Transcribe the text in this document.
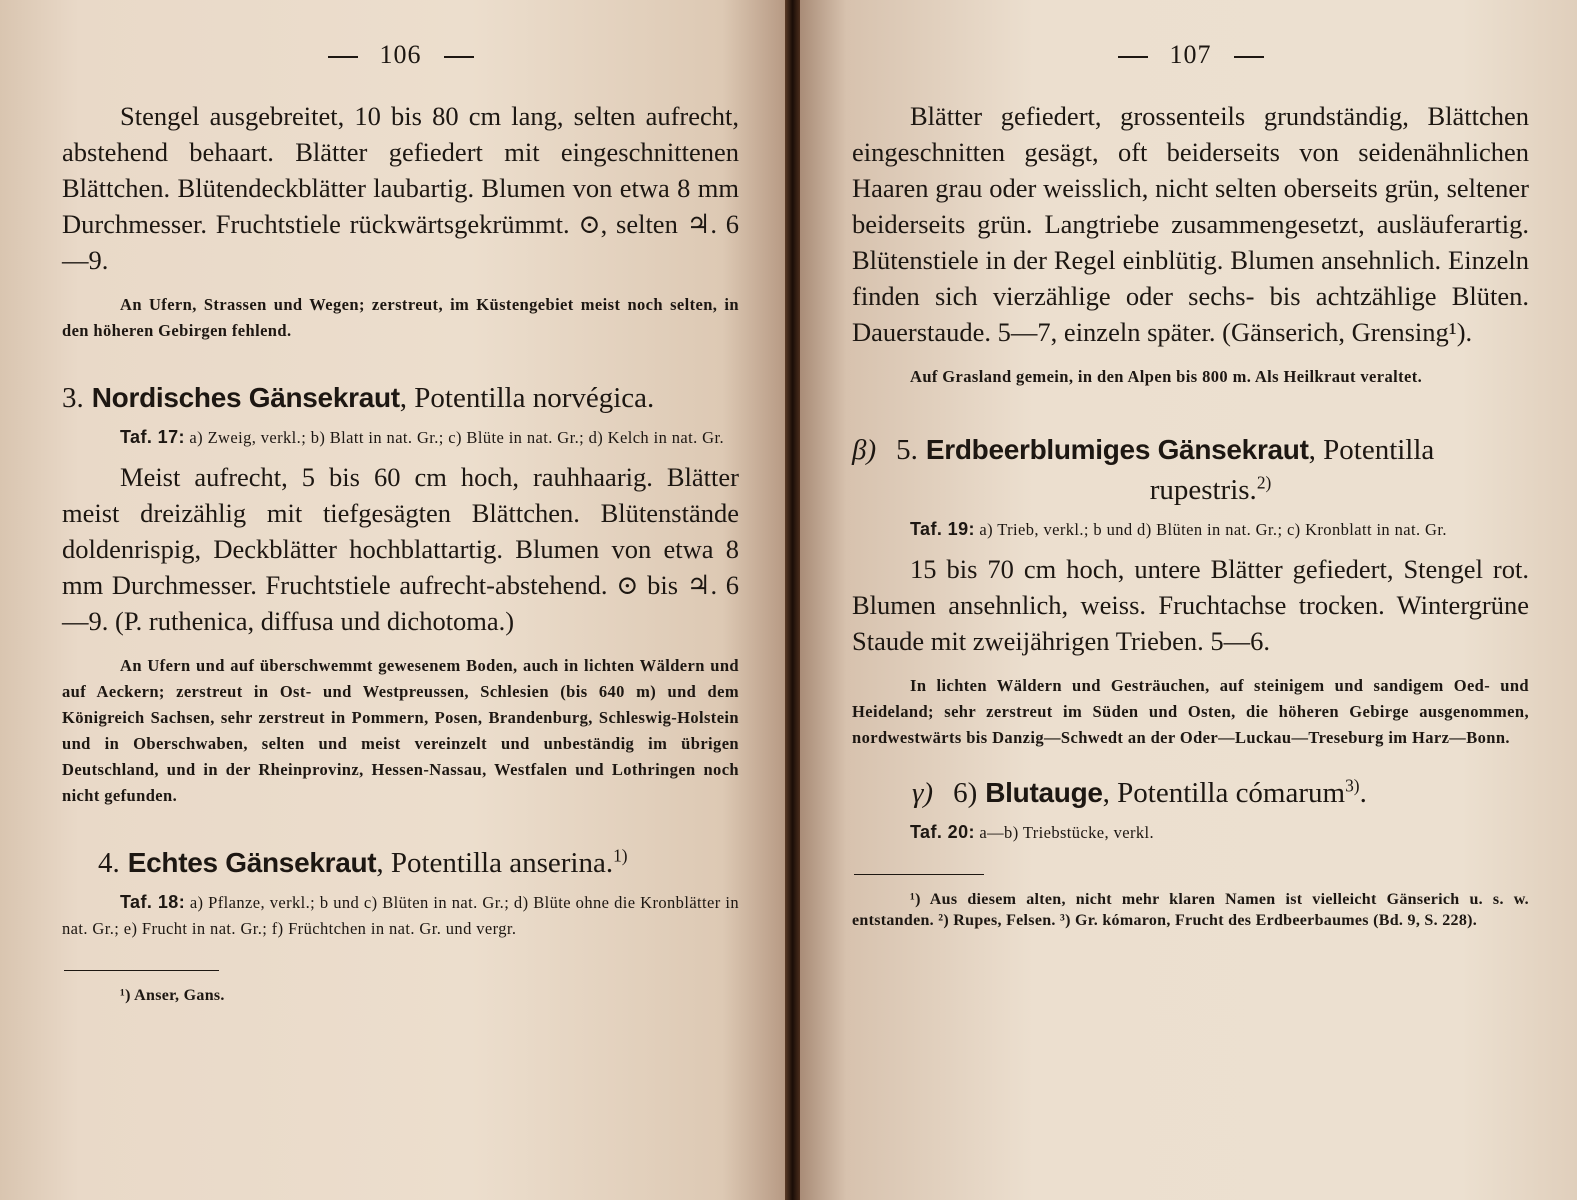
106

Stengel ausgebreitet, 10 bis 80 cm lang, selten aufrecht, abstehend behaart. Blätter gefiedert mit eingeschnittenen Blättchen. Blütendeckblätter laubartig. Blumen von etwa 8 mm Durchmesser. Fruchtstiele rückwärtsgekrümmt. ⊙, selten ♃. 6—9.

An Ufern, Strassen und Wegen; zerstreut, im Küstengebiet meist noch selten, in den höheren Gebirgen fehlend.

3. Nordisches Gänsekraut, Potentilla norvégica.

Taf. 17: a) Zweig, verkl.; b) Blatt in nat. Gr.; c) Blüte in nat. Gr.; d) Kelch in nat. Gr.

Meist aufrecht, 5 bis 60 cm hoch, rauhhaarig. Blätter meist dreizählig mit tiefgesägten Blättchen. Blütenstände doldenrispig, Deckblätter hochblattartig. Blumen von etwa 8 mm Durchmesser. Fruchtstiele aufrecht-abstehend. ⊙ bis ♃. 6—9. (P. ruthenica, diffusa und dichotoma.)

An Ufern und auf überschwemmt gewesenem Boden, auch in lichten Wäldern und auf Aeckern; zerstreut in Ost- und Westpreussen, Schlesien (bis 640 m) und dem Königreich Sachsen, sehr zerstreut in Pommern, Posen, Brandenburg, Schleswig-Holstein und in Oberschwaben, selten und meist vereinzelt und unbeständig im übrigen Deutschland, und in der Rheinprovinz, Hessen-Nassau, Westfalen und Lothringen noch nicht gefunden.

4. Echtes Gänsekraut, Potentilla anserina.$^{1)}$

Taf. 18: a) Pflanze, verkl.; b und c) Blüten in nat. Gr.; d) Blüte ohne die Kronblätter in nat. Gr.; e) Frucht in nat. Gr.; f) Früchtchen in nat. Gr. und vergr.

¹) Anser, Gans.

107

Blätter gefiedert, grossenteils grundständig, Blättchen eingeschnitten gesägt, oft beiderseits von seidenähnlichen Haaren grau oder weisslich, nicht selten oberseits grün, seltener beiderseits grün. Langtriebe zusammengesetzt, ausläuferartig. Blütenstiele in der Regel einblütig. Blumen ansehnlich. Einzeln finden sich vierzählige oder sechs- bis achtzählige Blüten. Dauerstaude. 5—7, einzeln später. (Gänserich, Grensing¹).

Auf Grasland gemein, in den Alpen bis 800 m. Als Heilkraut veraltet.

β) 5. Erdbeerblumiges Gänsekraut, Potentilla
rupestris.$^{2)}$

Taf. 19: a) Trieb, verkl.; b und d) Blüten in nat. Gr.; c) Kronblatt in nat. Gr.

15 bis 70 cm hoch, untere Blätter gefiedert, Stengel rot. Blumen ansehnlich, weiss. Fruchtachse trocken. Wintergrüne Staude mit zweijährigen Trieben. 5—6.

In lichten Wäldern und Gesträuchen, auf steinigem und sandigem Oed- und Heideland; sehr zerstreut im Süden und Osten, die höheren Gebirge ausgenommen, nordwestwärts bis Danzig—Schwedt an der Oder—Luckau—Treseburg im Harz—Bonn.

γ) 6) Blutauge, Potentilla cómarum$^{3)}$.

Taf. 20: a—b) Triebstücke, verkl.

¹) Aus diesem alten, nicht mehr klaren Namen ist vielleicht Gänserich u. s. w. entstanden. ²) Rupes, Felsen. ³) Gr. kómaron, Frucht des Erdbeerbaumes (Bd. 9, S. 228).
